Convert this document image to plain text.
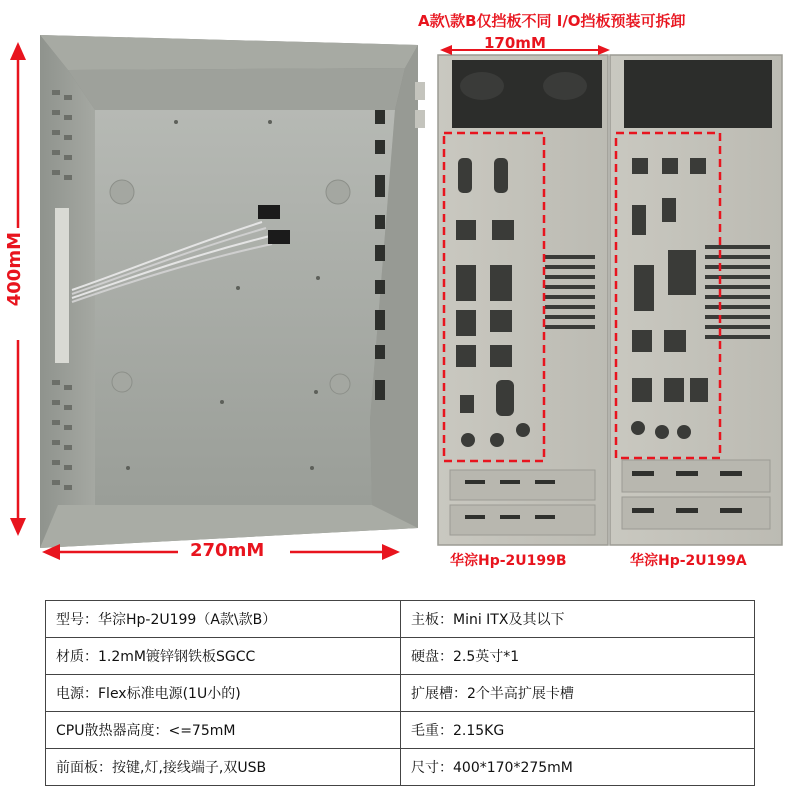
A款\款B仅挡板不同 I/O挡板预装可拆卸
170mM
400mM
270mM	华淙Hp-2U199B	华淙Hp-2U199A
型号：华淙Hp-2U199（A款\款B）	主板：Mini ITX及其以下
材质：1.2mM镀锌钢铁板SGCC	硬盘：2.5英寸*1
电源：Flex标准电源(1U小的)	扩展槽：2个半高扩展卡槽
CPU散热器高度：<=75mM	毛重：2.15KG
前面板：按键,灯,接线端子,双USB	尺寸：400*170*275mM
